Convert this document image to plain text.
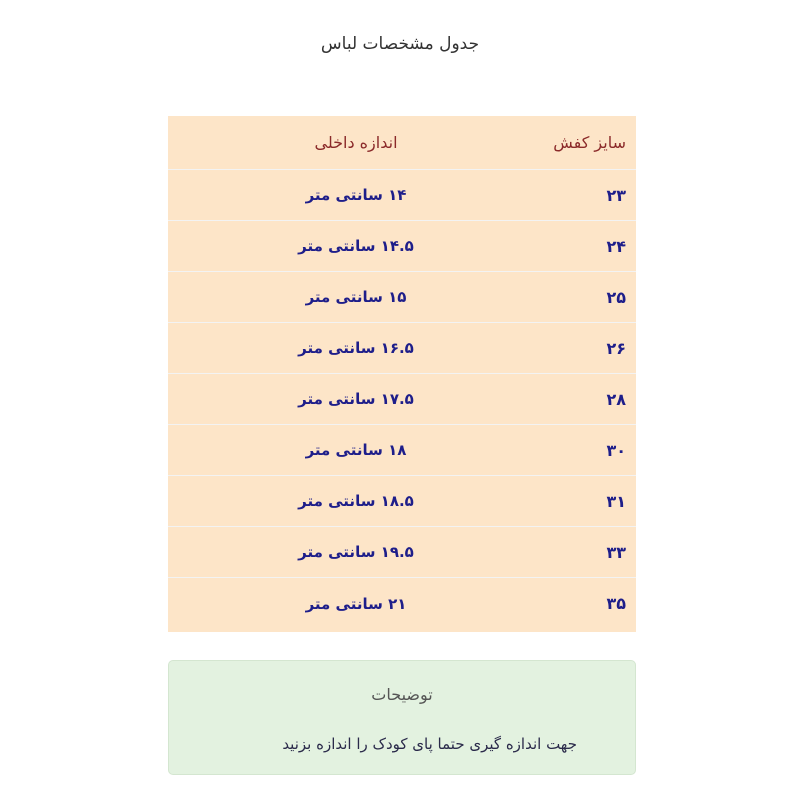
جدول مشخصات لباس
سایز کفش
اندازه داخلی
۲۳
۱۴ سانتی متر
۲۴
۱۴.۵ سانتی متر
۲۵
۱۵ سانتی متر
۲۶
۱۶.۵ سانتی متر
۲۸
۱۷.۵ سانتی متر
۳۰
۱۸ سانتی متر
۳۱
۱۸.۵ سانتی متر
۳۳
۱۹.۵ سانتی متر
۳۵
۲۱ سانتی متر
توضیحات
جهت اندازه گیری حتما پای کودک را اندازه بزنید
